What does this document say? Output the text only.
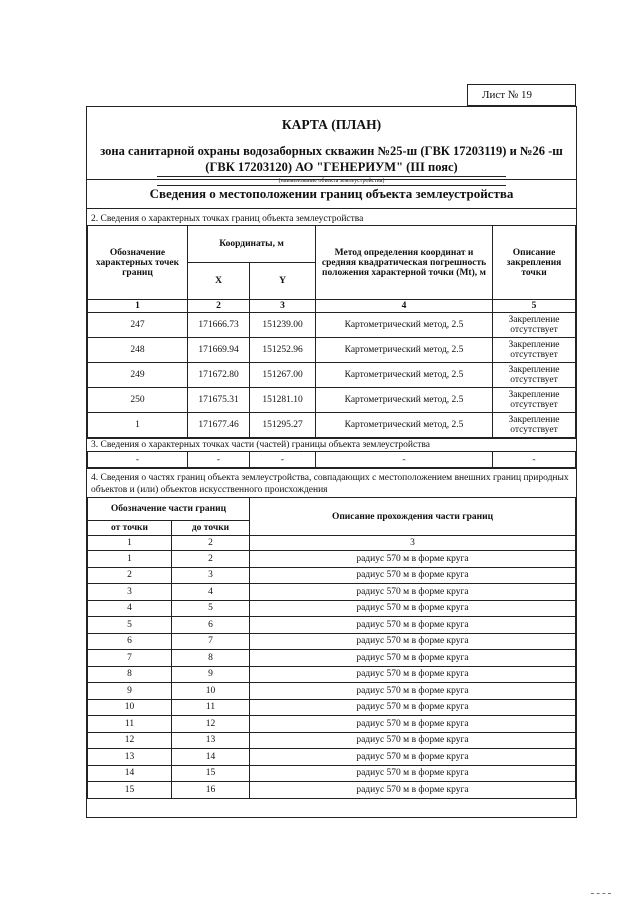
Лист № 19
КАРТА (ПЛАН)
зона санитарной охраны водозаборных скважин №25-ш (ГВК 17203119) и №26 -ш (ГВК 17203120) АО "ГЕНЕРИУМ" (III пояс)
(наименование объекта землеустройства)
Сведения о местоположении границ объекта землеустройства
2. Сведения о характерных точках границ объекта землеустройства
Обозначение характерных точек границ	Координаты, м		Метод определения координат и средняя квадратическая погрешность положения характерной точки (Mt), м	Описание закрепления точки
	X	Y		
1	2	3	4	5
247	171666.73	151239.00	Картометрический метод, 2.5	Закрепление отсутствует
248	171669.94	151252.96	Картометрический метод, 2.5	Закрепление отсутствует
249	171672.80	151267.00	Картометрический метод, 2.5	Закрепление отсутствует
250	171675.31	151281.10	Картометрический метод, 2.5	Закрепление отсутствует
1	171677.46	151295.27	Картометрический метод, 2.5	Закрепление отсутствует
3. Сведения о характерных точках части (частей) границы объекта землеустройства
-	-	-	-	-
4. Сведения о частях границ объекта землеустройства, совпадающих с местоположением внешних границ природных объектов и (или) объектов искусственного происхождения
Обозначение части границ		Описание прохождения части границ
от точки	до точки	
1	2	3
1	2	радиус 570 м в форме круга
2	3	радиус 570 м в форме круга
3	4	радиус 570 м в форме круга
4	5	радиус 570 м в форме круга
5	6	радиус 570 м в форме круга
6	7	радиус 570 м в форме круга
7	8	радиус 570 м в форме круга
8	9	радиус 570 м в форме круга
9	10	радиус 570 м в форме круга
10	11	радиус 570 м в форме круга
11	12	радиус 570 м в форме круга
12	13	радиус 570 м в форме круга
13	14	радиус 570 м в форме круга
14	15	радиус 570 м в форме круга
15	16	радиус 570 м в форме круга
